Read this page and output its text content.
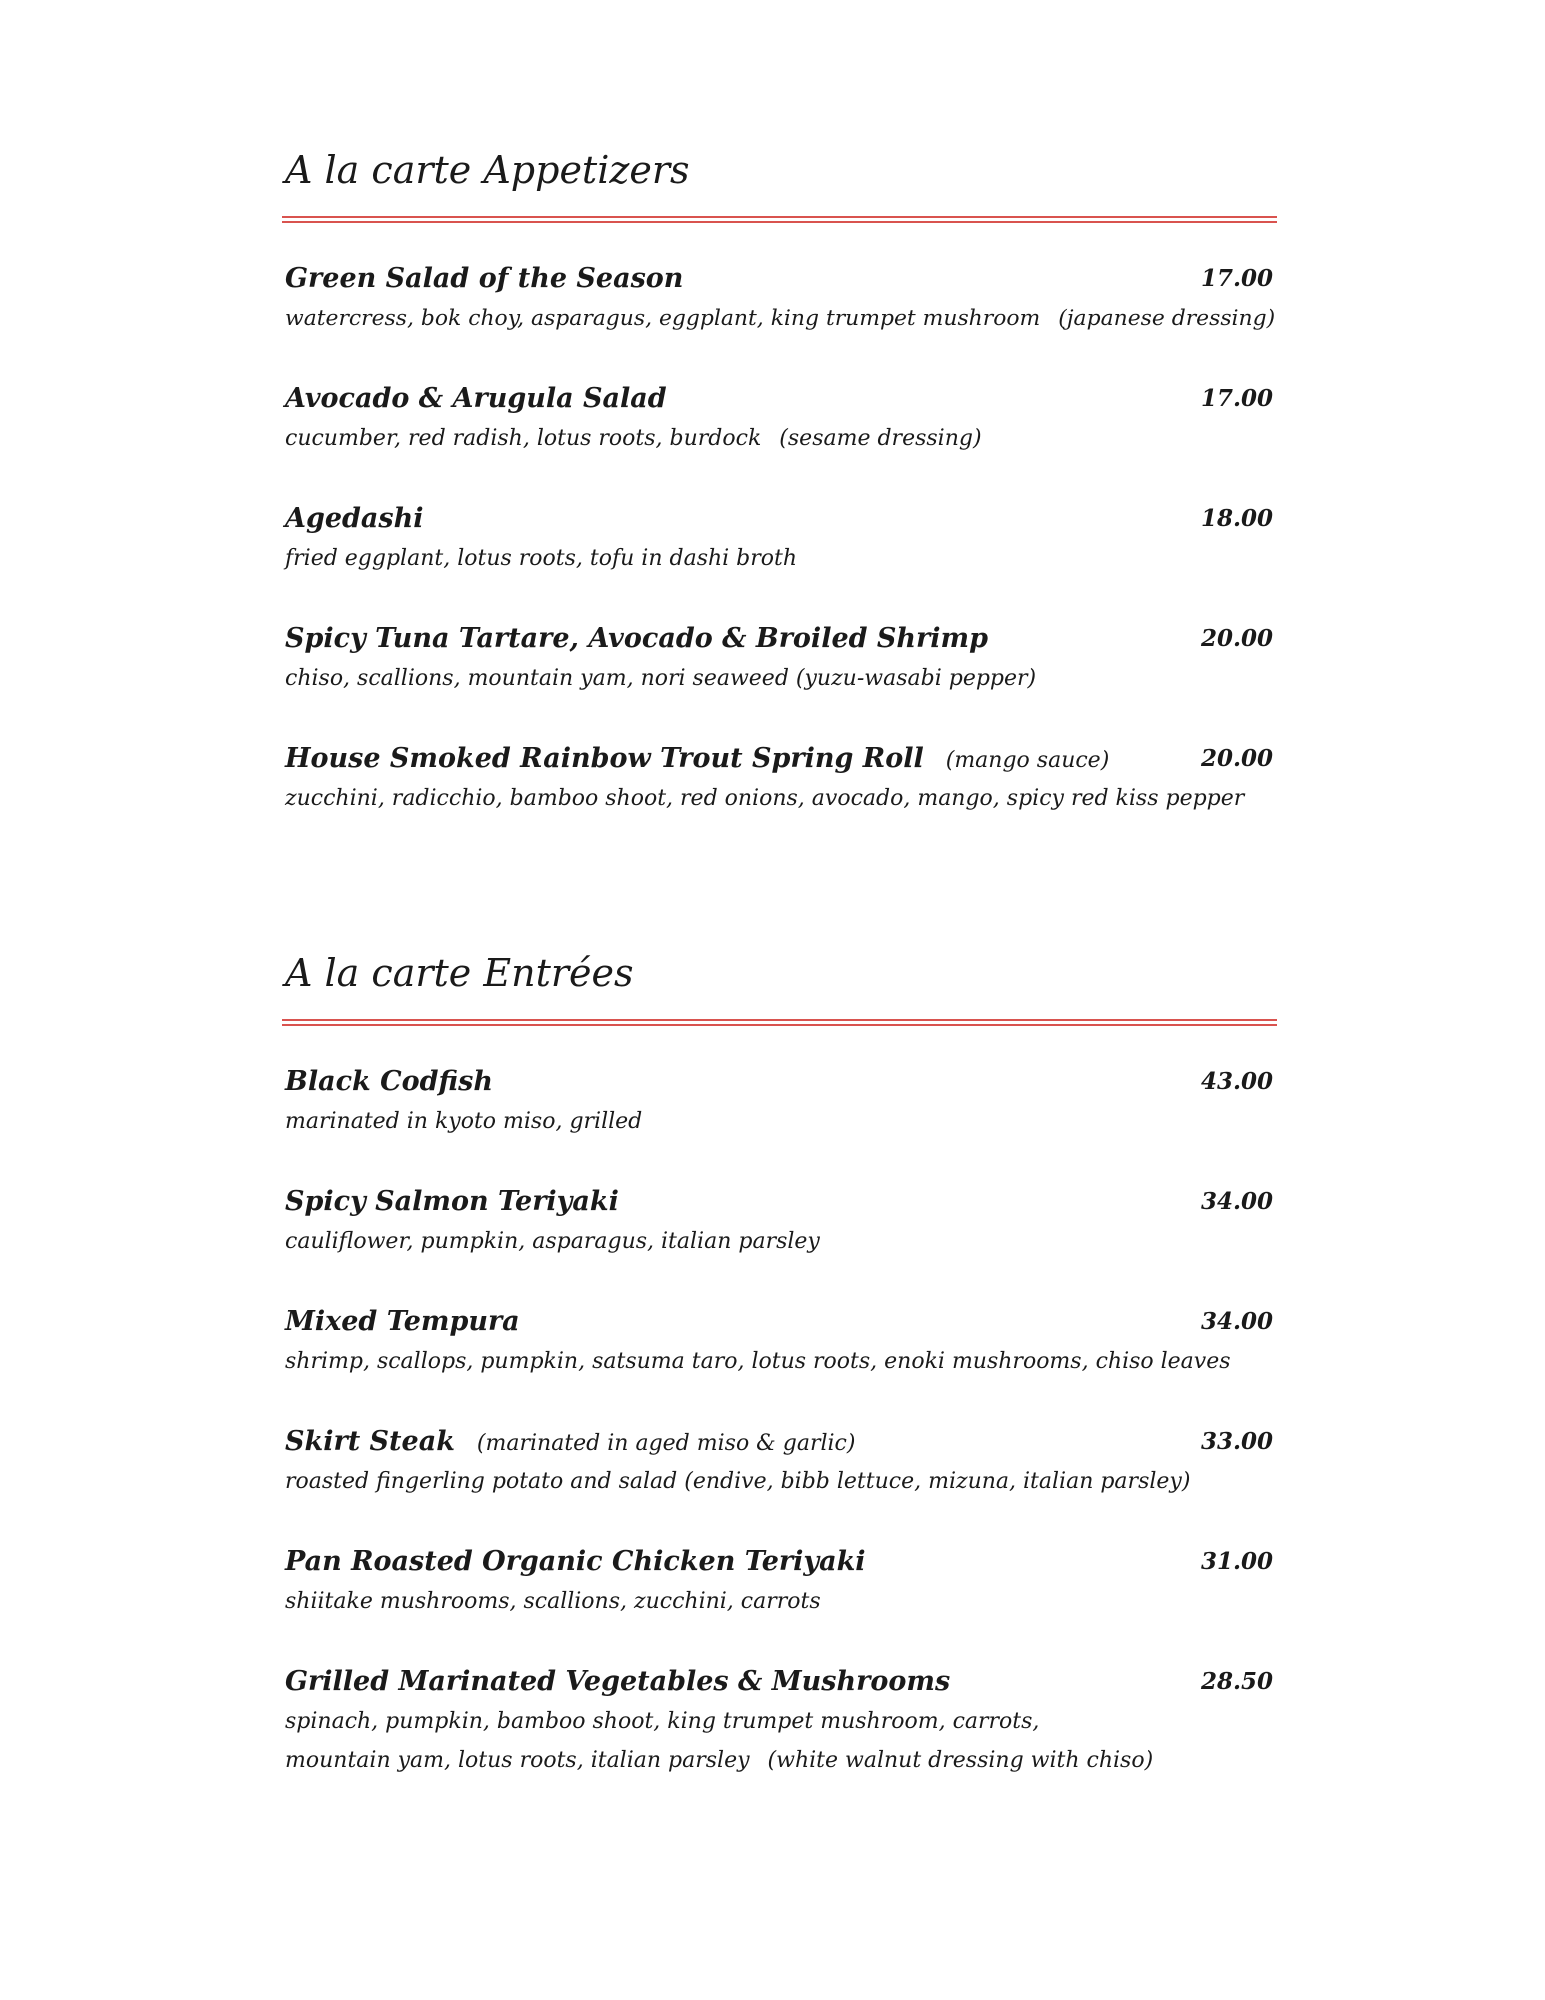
A la carte Appetizers
Green Salad of the Season	17.00
watercress, bok choy, asparagus, eggplant, king trumpet mushroom (japanese dressing)
Avocado & Arugula Salad	17.00
cucumber, red radish, lotus roots, burdock (sesame dressing)
Agedashi	18.00
fried eggplant, lotus roots, tofu in dashi broth
Spicy Tuna Tartare, Avocado & Broiled Shrimp	20.00
chiso, scallions, mountain yam, nori seaweed (yuzu-wasabi pepper)
House Smoked Rainbow Trout Spring Roll (mango sauce)	20.00
zucchini, radicchio, bamboo shoot, red onions, avocado, mango, spicy red kiss pepper
A la carte Entrées
Black Codfish	43.00
marinated in kyoto miso, grilled
Spicy Salmon Teriyaki	34.00
cauliflower, pumpkin, asparagus, italian parsley
Mixed Tempura	34.00
shrimp, scallops, pumpkin, satsuma taro, lotus roots, enoki mushrooms, chiso leaves
Skirt Steak (marinated in aged miso & garlic)	33.00
roasted fingerling potato and salad (endive, bibb lettuce, mizuna, italian parsley)
Pan Roasted Organic Chicken Teriyaki	31.00
shiitake mushrooms, scallions, zucchini, carrots
Grilled Marinated Vegetables & Mushrooms	28.50
spinach, pumpkin, bamboo shoot, king trumpet mushroom, carrots,
mountain yam, lotus roots, italian parsley (white walnut dressing with chiso)
